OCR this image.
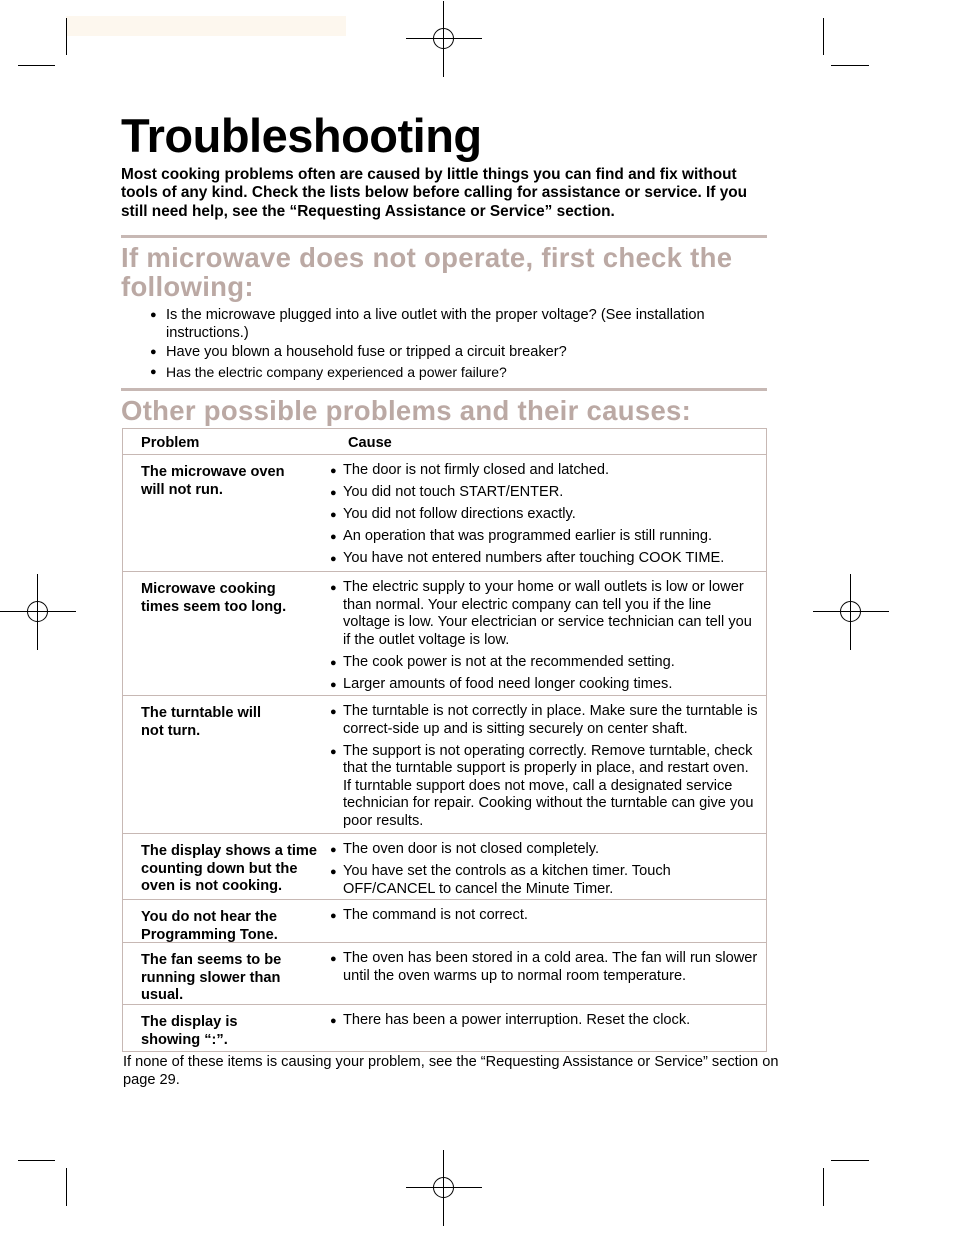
Troubleshooting

Most cooking problems often are caused by little things you can find and fix without tools of any kind. Check the lists below before calling for assistance or service. If you still need help, see the “Requesting Assistance or Service” section.

If microwave does not operate, first check the following:
● Is the microwave plugged into a live outlet with the proper voltage? (See installation instructions.)
● Have you blown a household fuse or tripped a circuit breaker?
● Has the electric company experienced a power failure?
Other possible problems and their causes:
Problem	Cause
The microwave oven
will not run.
● The door is not firmly closed and latched.
● You did not touch START/ENTER.
● You did not follow directions exactly.
● An operation that was programmed earlier is still running.
● You have not entered numbers after touching COOK TIME.
Microwave cooking
times seem too long.
● The electric supply to your home or wall outlets is low or lower than normal. Your electric company can tell you if the line voltage is low. Your electrician or service technician can tell you if the outlet voltage is low.
● The cook power is not at the recommended setting.
● Larger amounts of food need longer cooking times.
The turntable will
not turn.
● The turntable is not correctly in place. Make sure the turntable is correct-side up and is sitting securely on center shaft.
● The support is not operating correctly. Remove turntable, check that the turntable support is properly in place, and restart oven. If turntable support does not move, call a designated service technician for repair. Cooking without the turntable can give you poor results.
The display shows a time
counting down but the
oven is not cooking.
● The oven door is not closed completely.
● You have set the controls as a kitchen timer. Touch OFF/CANCEL to cancel the Minute Timer.
You do not hear the
Programming Tone.
● The command is not correct.
The fan seems to be
running slower than
usual.
● The oven has been stored in a cold area. The fan will run slower until the oven warms up to normal room temperature.
The display is
showing “:”.
● There has been a power interruption. Reset the clock.

If none of these items is causing your problem, see the “Requesting Assistance or Service” section on page 29.
